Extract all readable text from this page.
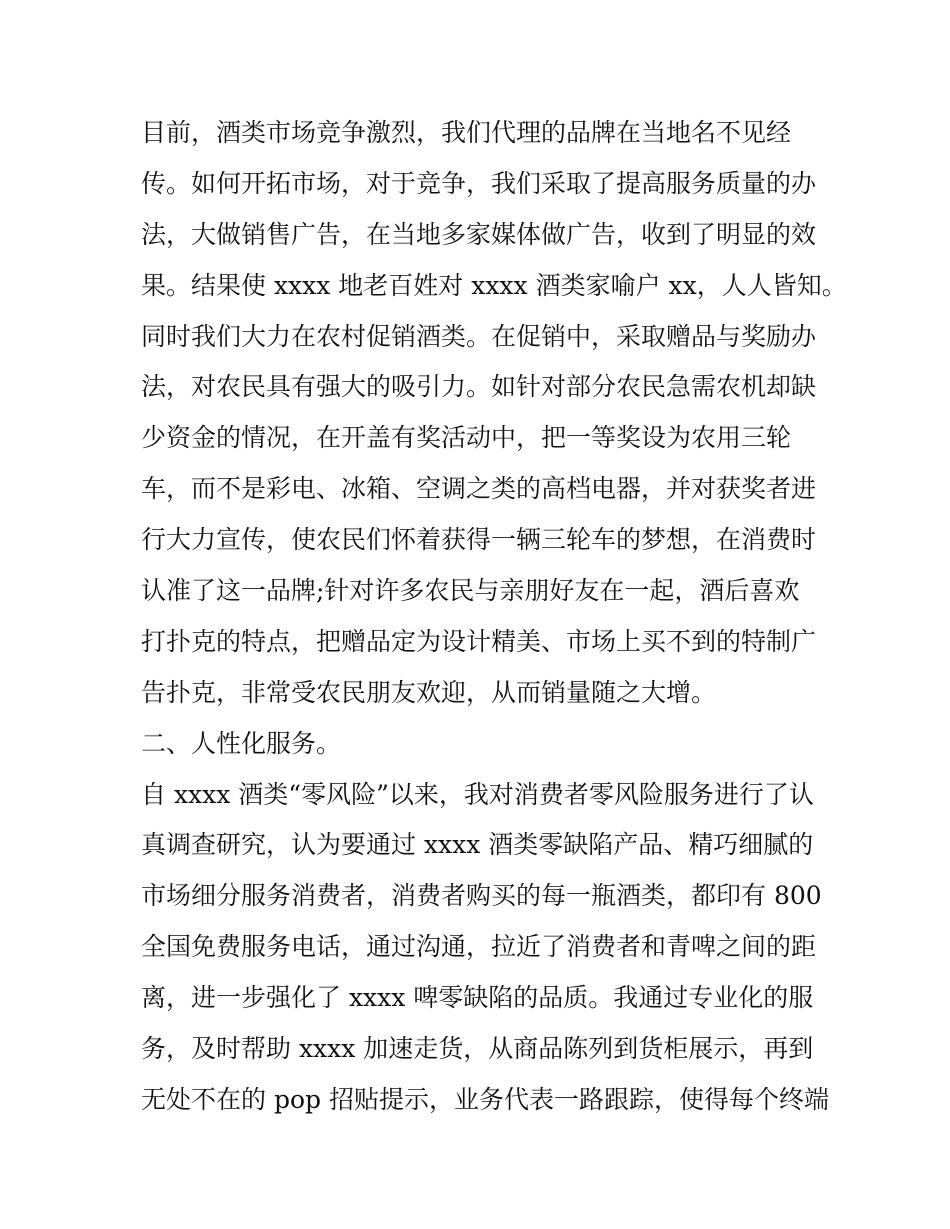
目前，酒类市场竞争激烈，我们代理的品牌在当地名不见经
传。如何开拓市场，对于竞争，我们采取了提高服务质量的办
法，大做销售广告，在当地多家媒体做广告，收到了明显的效
果。结果使 xxxx 地老百姓对 xxxx 酒类家喻户 xx，人人皆知。
同时我们大力在农村促销酒类。在促销中，采取赠品与奖励办
法，对农民具有强大的吸引力。如针对部分农民急需农机却缺
少资金的情况，在开盖有奖活动中，把一等奖设为农用三轮
车，而不是彩电、冰箱、空调之类的高档电器，并对获奖者进
行大力宣传，使农民们怀着获得一辆三轮车的梦想，在消费时
认准了这一品牌;针对许多农民与亲朋好友在一起，酒后喜欢
打扑克的特点，把赠品定为设计精美、市场上买不到的特制广
告扑克，非常受农民朋友欢迎，从而销量随之大增。
二、人性化服务。
自 xxxx 酒类“零风险”以来，我对消费者零风险服务进行了认
真调查研究，认为要通过 xxxx 酒类零缺陷产品、精巧细腻的
市场细分服务消费者，消费者购买的每一瓶酒类，都印有 800
全国免费服务电话，通过沟通，拉近了消费者和青啤之间的距
离，进一步强化了 xxxx 啤零缺陷的品质。我通过专业化的服
务，及时帮助 xxxx 加速走货，从商品陈列到货柜展示，再到
无处不在的 pop 招贴提示，业务代表一路跟踪，使得每个终端
